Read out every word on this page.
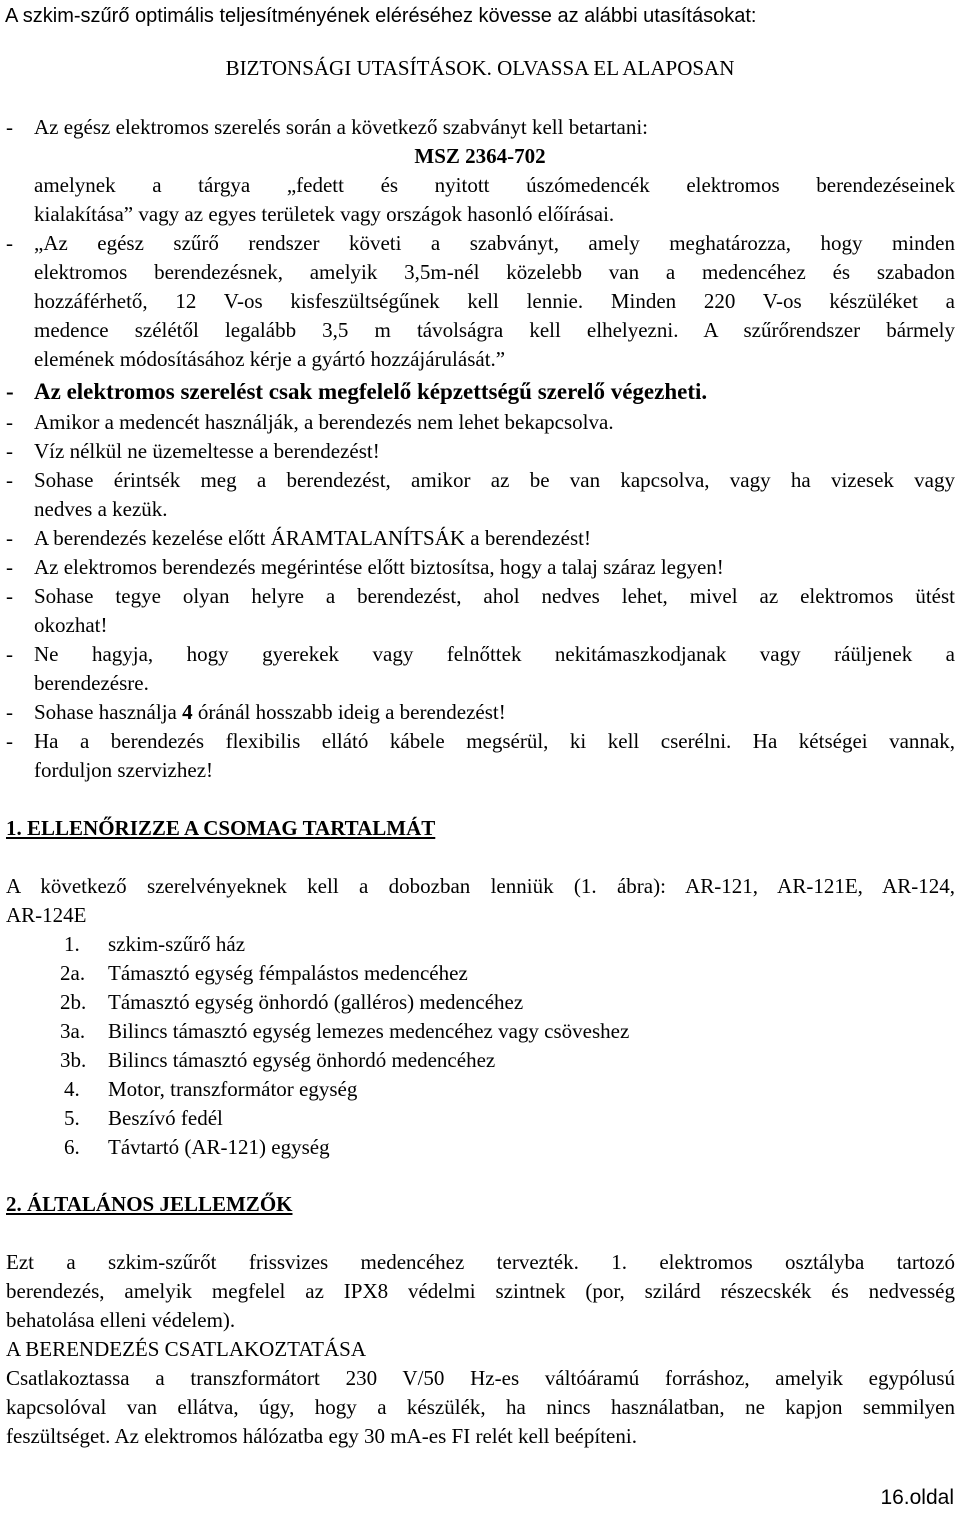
A szkim-szűrő optimális teljesítményének eléréséhez kövesse az alábbi utasításokat:
BIZTONSÁGI UTASÍTÁSOK. OLVASSA EL ALAPOSAN
- Az egész elektromos szerelés során a következő szabványt kell betartani:
MSZ 2364-702
amelynek a tárgya „fedett és nyitott úszómedencék elektromos berendezéseinek
kialakítása” vagy az egyes területek vagy országok hasonló előírásai.
- „Az egész szűrő rendszer követi a szabványt, amely meghatározza, hogy minden
elektromos berendezésnek, amelyik 3,5m-nél közelebb van a medencéhez és szabadon
hozzáférhető, 12 V-os kisfeszültségűnek kell lennie. Minden 220 V-os készüléket a
medence szélétől legalább 3,5 m távolságra kell elhelyezni. A szűrőrendszer bármely
elemének módosításához kérje a gyártó hozzájárulását.”
- Az elektromos szerelést csak megfelelő képzettségű szerelő végezheti.
- Amikor a medencét használják, a berendezés nem lehet bekapcsolva.
- Víz nélkül ne üzemeltesse a berendezést!
- Sohase érintsék meg a berendezést, amikor az be van kapcsolva, vagy ha vizesek vagy
nedves a kezük.
- A berendezés kezelése előtt ÁRAMTALANÍTSÁK a berendezést!
- Az elektromos berendezés megérintése előtt biztosítsa, hogy a talaj száraz legyen!
- Sohase tegye olyan helyre a berendezést, ahol nedves lehet, mivel az elektromos ütést
okozhat!
- Ne hagyja, hogy gyerekek vagy felnőttek nekitámaszkodjanak vagy ráüljenek a
berendezésre.
- Sohase használja 4 óránál hosszabb ideig a berendezést!
- Ha a berendezés flexibilis ellátó kábele megsérül, ki kell cserélni. Ha kétségei vannak,
forduljon szervizhez!
1. ELLENŐRIZZE A CSOMAG TARTALMÁT
A következő szerelvényeknek kell a dobozban lenniük (1. ábra): AR-121, AR-121E, AR-124,
AR-124E
1.	szkim-szűrő ház
2a.	Támasztó egység fémpalástos medencéhez
2b.	Támasztó egység önhordó (galléros) medencéhez
3a.	Bilincs támasztó egység lemezes medencéhez vagy csöveshez
3b.	Bilincs támasztó egység önhordó medencéhez
4.	Motor, transzformátor egység
5.	Beszívó fedél
6.	Távtartó (AR-121) egység
2. ÁLTALÁNOS JELLEMZŐK
Ezt a szkim-szűrőt frissvizes medencéhez tervezték. 1. elektromos osztályba tartozó
berendezés, amelyik megfelel az IPX8 védelmi szintnek (por, szilárd részecskék és nedvesség
behatolása elleni védelem).
A BERENDEZÉS CSATLAKOZTATÁSA
Csatlakoztassa a transzformátort 230 V/50 Hz-es váltóáramú forráshoz, amelyik egypólusú
kapcsolóval van ellátva, úgy, hogy a készülék, ha nincs használatban, ne kapjon semmilyen
feszültséget. Az elektromos hálózatba egy 30 mA-es FI relét kell beépíteni.
16.oldal
